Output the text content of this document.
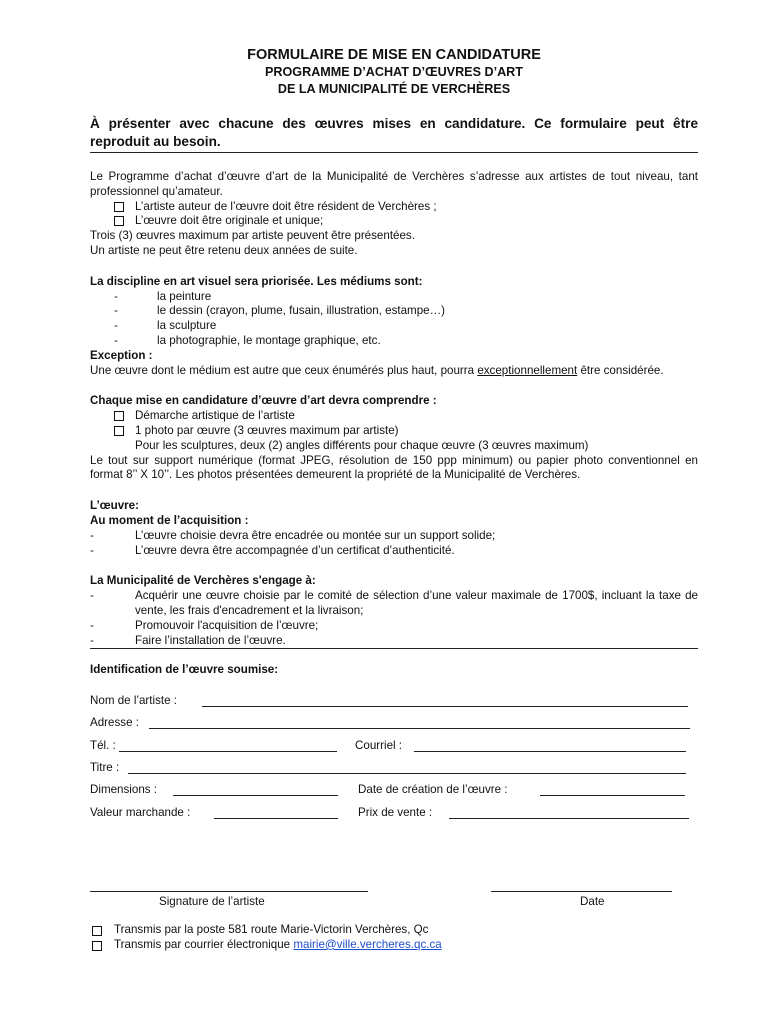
FORMULAIRE DE MISE EN CANDIDATURE

PROGRAMME D’ACHAT D’ŒUVRES D’ART

DE LA MUNICIPALITÉ DE VERCHÈRES

À présenter avec chacune des œuvres mises en candidature. Ce formulaire peut être reproduit au besoin.

Le Programme d’achat d’œuvre d’art de la Municipalité de Verchères s’adresse aux artistes de tout niveau, tant professionnel qu’amateur.

L’artiste auteur de l’œuvre doit être résident de Verchères ;
L’œuvre doit être originale et unique;

Trois (3) œuvres maximum par artiste peuvent être présentées.

Un artiste ne peut être retenu deux années de suite.

La discipline en art visuel sera priorisée. Les médiums sont:

-	la peinture
-	le dessin (crayon, plume, fusain, illustration, estampe…)
-	la sculpture
-	la photographie, le montage graphique, etc.

Exception :

Une œuvre dont le médium est autre que ceux énumérés plus haut, pourra exceptionnellement être considérée.

Chaque mise en candidature d’œuvre d’art devra comprendre :

Démarche artistique de l’artiste
1 photo par œuvre (3 œuvres maximum par artiste)

Pour les sculptures, deux (2) angles différents pour chaque œuvre (3 œuvres maximum)

Le tout sur support numérique (format JPEG, résolution de 150 ppp minimum) ou papier photo conventionnel en format 8’’ X 10’’. Les photos présentées demeurent la propriété de la Municipalité de Verchères.

L’œuvre:

Au moment de l’acquisition :

-	L’œuvre choisie devra être encadrée ou montée sur un support solide;
-	L’œuvre devra être accompagnée d’un certificat d’authenticité.

La Municipalité de Verchères s'engage à:

-	Acquérir une œuvre choisie par le comité de sélection d’une valeur maximale de 1700$, incluant la taxe de vente, les frais d'encadrement et la livraison;
-	Promouvoir l'acquisition de l’œuvre;
-	Faire l’installation de l’œuvre.

Identification de l’œuvre soumise:

Nom de l’artiste :
Adresse :
Tél. :	Courriel :
Titre :
Dimensions :	Date de création de l’œuvre :
Valeur marchande :	Prix de vente :
Signature de l’artiste	Date
Transmis par la poste 581 route Marie-Victorin Verchères, Qc
Transmis par courrier électronique mairie@ville.vercheres.qc.ca
